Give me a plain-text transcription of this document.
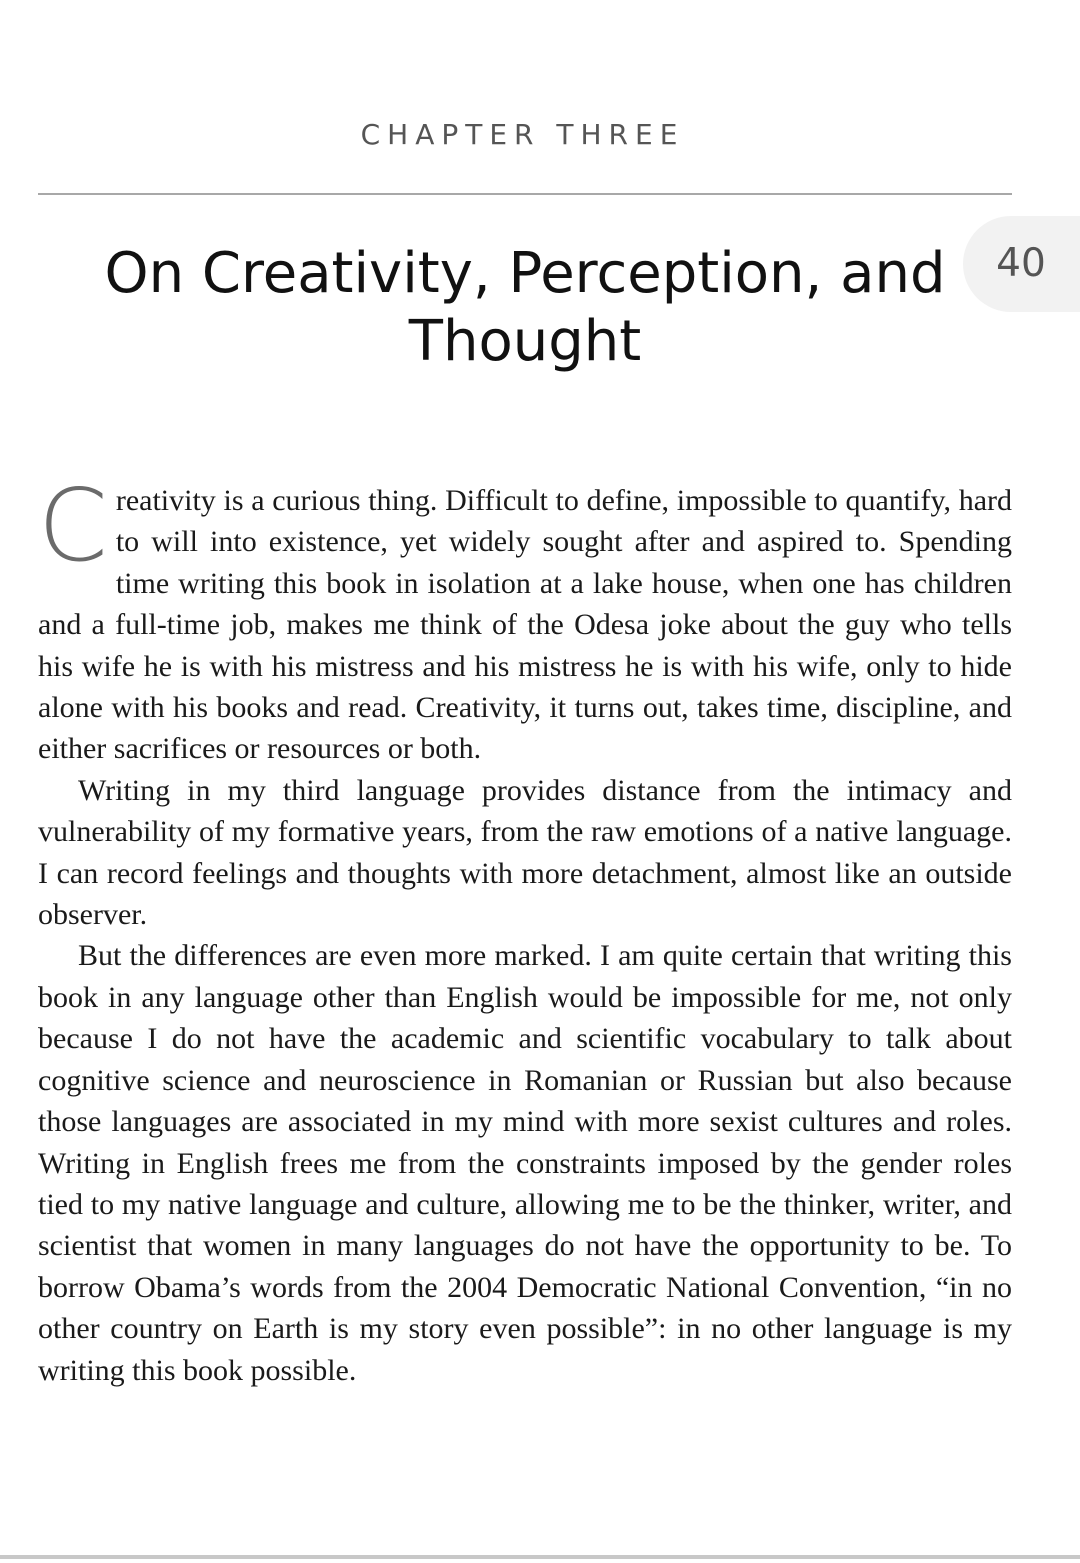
CHAPTER THREE
40
On Creativity, Perception, and Thought

Creativity is a curious thing. Difficult to define, impossible to quantify, hard to will into existence, yet widely sought after and aspired to. Spending time writing this book in isolation at a lake house, when one has children and a full-time job, makes me think of the Odesa joke about the guy who tells his wife he is with his mistress and his mistress he is with his wife, only to hide alone with his books and read. Creativity, it turns out, takes time, discipline, and either sacrifices or resources or both.

Writing in my third language provides distance from the intimacy and vulnerability of my formative years, from the raw emotions of a native language. I can record feelings and thoughts with more detachment, almost like an outside observer.

But the differences are even more marked. I am quite certain that writing this book in any language other than English would be impossible for me, not only because I do not have the academic and scientific vocabulary to talk about cognitive science and neuroscience in Romanian or Russian but also because those languages are associated in my mind with more sexist cultures and roles. Writing in English frees me from the constraints imposed by the gender roles tied to my native language and culture, allowing me to be the thinker, writer, and scientist that women in many languages do not have the opportunity to be. To borrow Obama’s words from the 2004 Democratic National Convention, “in no other country on Earth is my story even possible”: in no other language is my writing this book possible.
